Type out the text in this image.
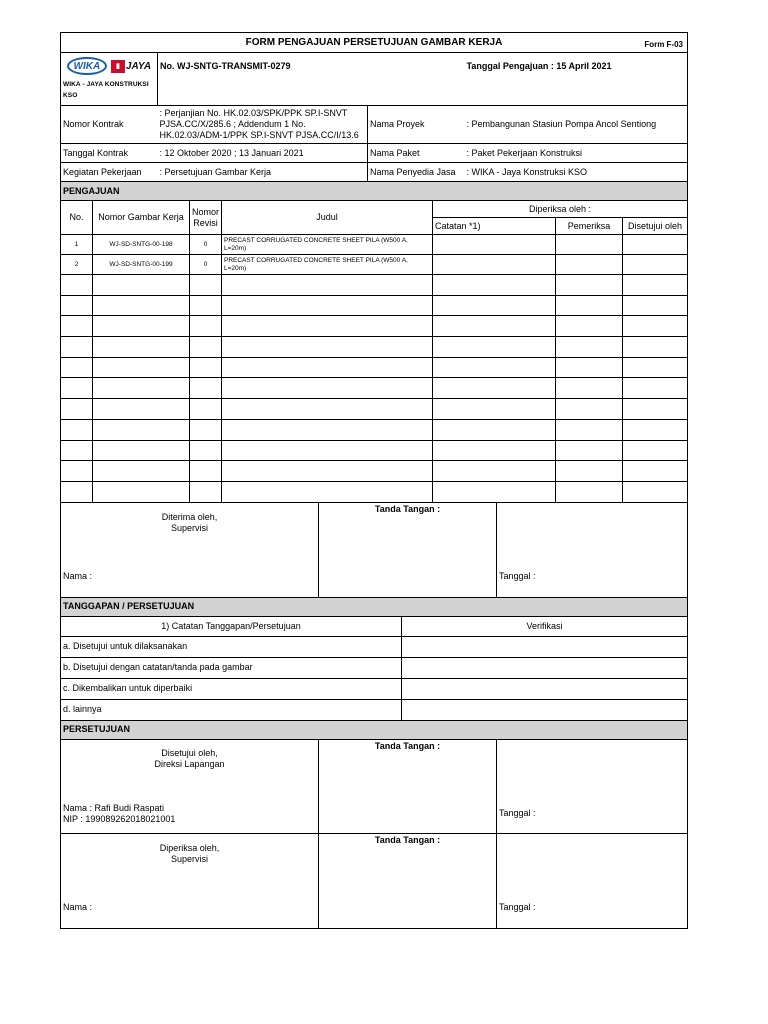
FORM PENGAJUAN PERSETUJUAN GAMBAR KERJA	Form F-03

WIKA	▮ JAYA
WIKA - JAYA KONSTRUKSI KSO
	No. WJ-SNTG-TRANSMIT-0279	Tanggal Pengajuan : 15 April 2021
Nomor Kontrak	: Perjanjian No. HK.02.03/SPK/PPK SP.I-SNVT PJSA.CC/X/285.6 ; Addendum 1 No. HK.02.03/ADM-1/PPK SP.I-SNVT PJSA.CC/I/13.6	Nama Proyek	: Pembangunan Stasiun Pompa Ancol Sentiong
Tanggal Kontrak	: 12 Oktober 2020 ; 13 Januari 2021	Nama Paket	: Paket Pekerjaan Konstruksi
Kegiatan Pekerjaan	: Persetujuan Gambar Kerja	Nama Penyedia Jasa	: WIKA - Jaya Konstruksi KSO
PENGAJUAN						
No.	Nomor Gambar Kerja	Nomor Revisi	Judul	Diperiksa oleh :		
				Catatan *1)	Pemeriksa	Disetujui oleh
1	WJ-SD-SNTG-00-198	0	PRECAST CORRUGATED CONCRETE SHEET PILA (W500 A, L=20m)			
2	WJ-SD-SNTG-00-199	0	PRECAST CORRUGATED CONCRETE SHEET PILA (W500 A, L=20m)			

Diterima oleh,
Supervisi
Nama :

Tanda Tangan :

Tanggal :
TANGGAPAN / PERSETUJUAN	
1) Catatan Tanggapan/Persetujuan	Verifikasi
a. Disetujui untuk dilaksanakan	
b. Disetujui dengan catatan/tanda pada gambar	
c. Dikembalikan untuk diperbaiki	
d. lainnya	
PERSETUJUAN		

Disetujui oleh,
Direksi Lapangan
Nama : Rafi Budi Raspati
NIP : 199089262018021001	Tanda Tangan :	Tanggal :

Diperiksa oleh,
Supervisi
Nama :	Tanda Tangan :	Tanggal :
